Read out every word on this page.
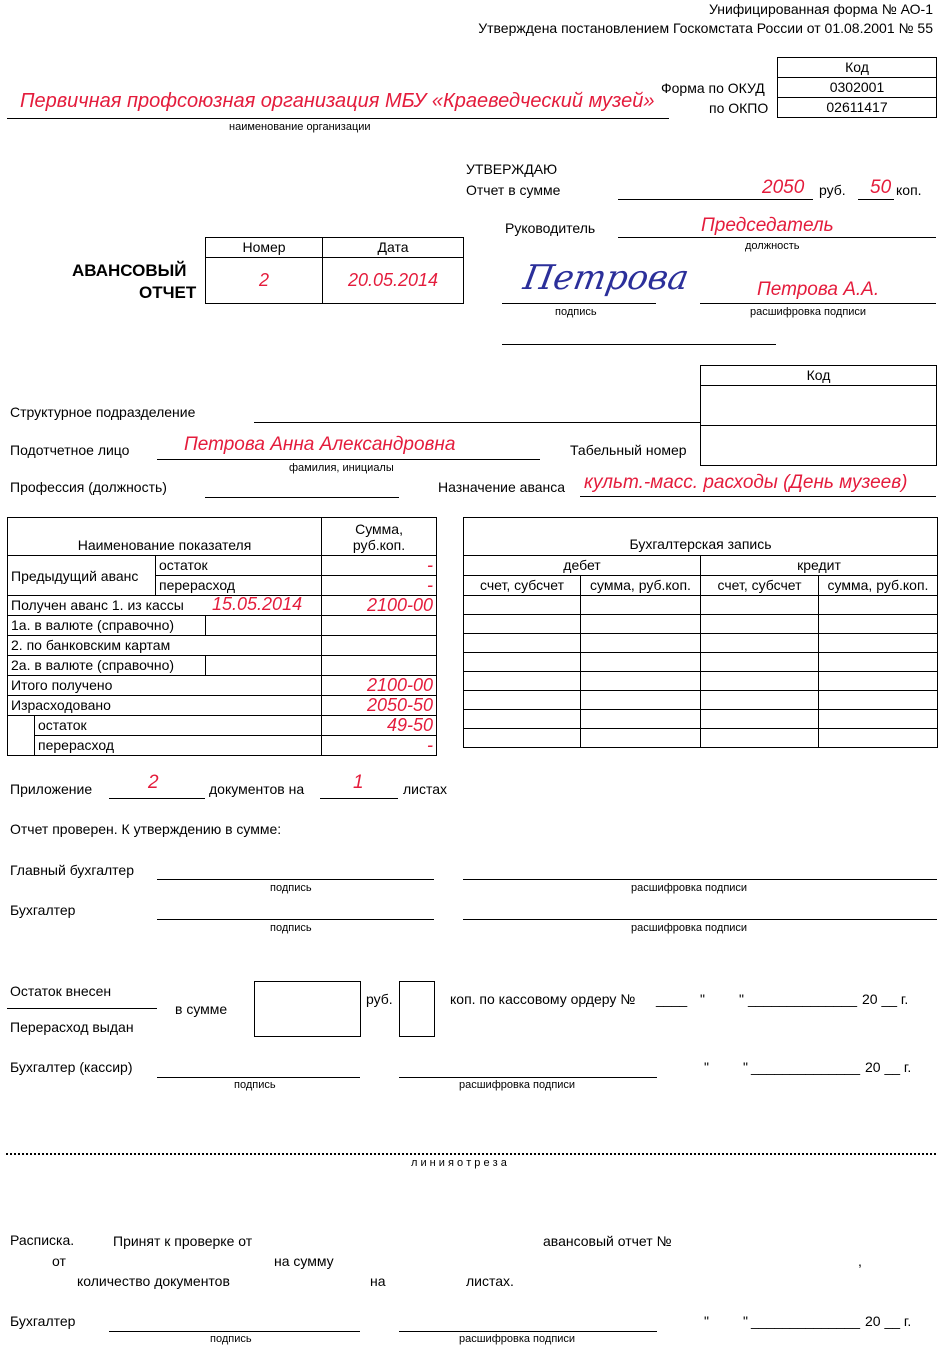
Унифицированная форма № АО-1
Утверждена постановлением Госкомстата России от 01.08.2001 № 55
Код
0302001
02611417
Форма по ОКУД
по ОКПО
Первичная профсоюзная организация МБУ «Краеведческий музей»
наименование организации
УТВЕРЖДАЮ
Отчет в сумме	2050 руб. 50 коп.
Руководитель	Председатель
должность
Петрова
подпись
Петрова А.А.
расшифровка подписи
АВАНСОВЫЙ
ОТЧЕТ
Номер	Дата
2	20.05.2014
Код

Структурное подразделение
Подотчетное лицо	Петрова Анна Александровна
фамилия, инициалы
Табельный номер
Профессия (должность)	Назначение аванса культ.-масс. расходы (День музеев)
Наименование показателя				Сумма,
руб.коп.

Предыдущий аванс		остаток		-
		перерасход		-
Получен аванс 1. из кассы 15.05.2014				2100-00
1а. в валюте (справочно)				
2. по банковским картам				
2а. в валюте (справочно)				
Итого получено				2100-00
Израсходовано				2050-50
	остаток			49-50
	перерасход			-
Бухгалтерская запись			
дебет		кредит	
счет, субсчет	сумма, руб.коп.	счет, субсчет	сумма, руб.коп.

Приложение	2	документов на	1	листах
Отчет проверен. К утверждению в сумме:
Главный бухгалтер
подпись	расшифровка подписи
Бухгалтер
подпись	расшифровка подписи
Остаток внесен
Перерасход выдан
в сумме
руб.	коп. по кассовому ордеру № ____ " " ______________ 20 __ г.
Бухгалтер (кассир)
подпись	расшифровка подписи
" " ______________ 20 __ г.
л и н и я о т р е з а
Расписка.	Принят к проверке от	авансовый отчет №
от	на сумму	,
количество документов	на	листах.
Бухгалтер
подпись	расшифровка подписи
" " ______________ 20 __ г.
